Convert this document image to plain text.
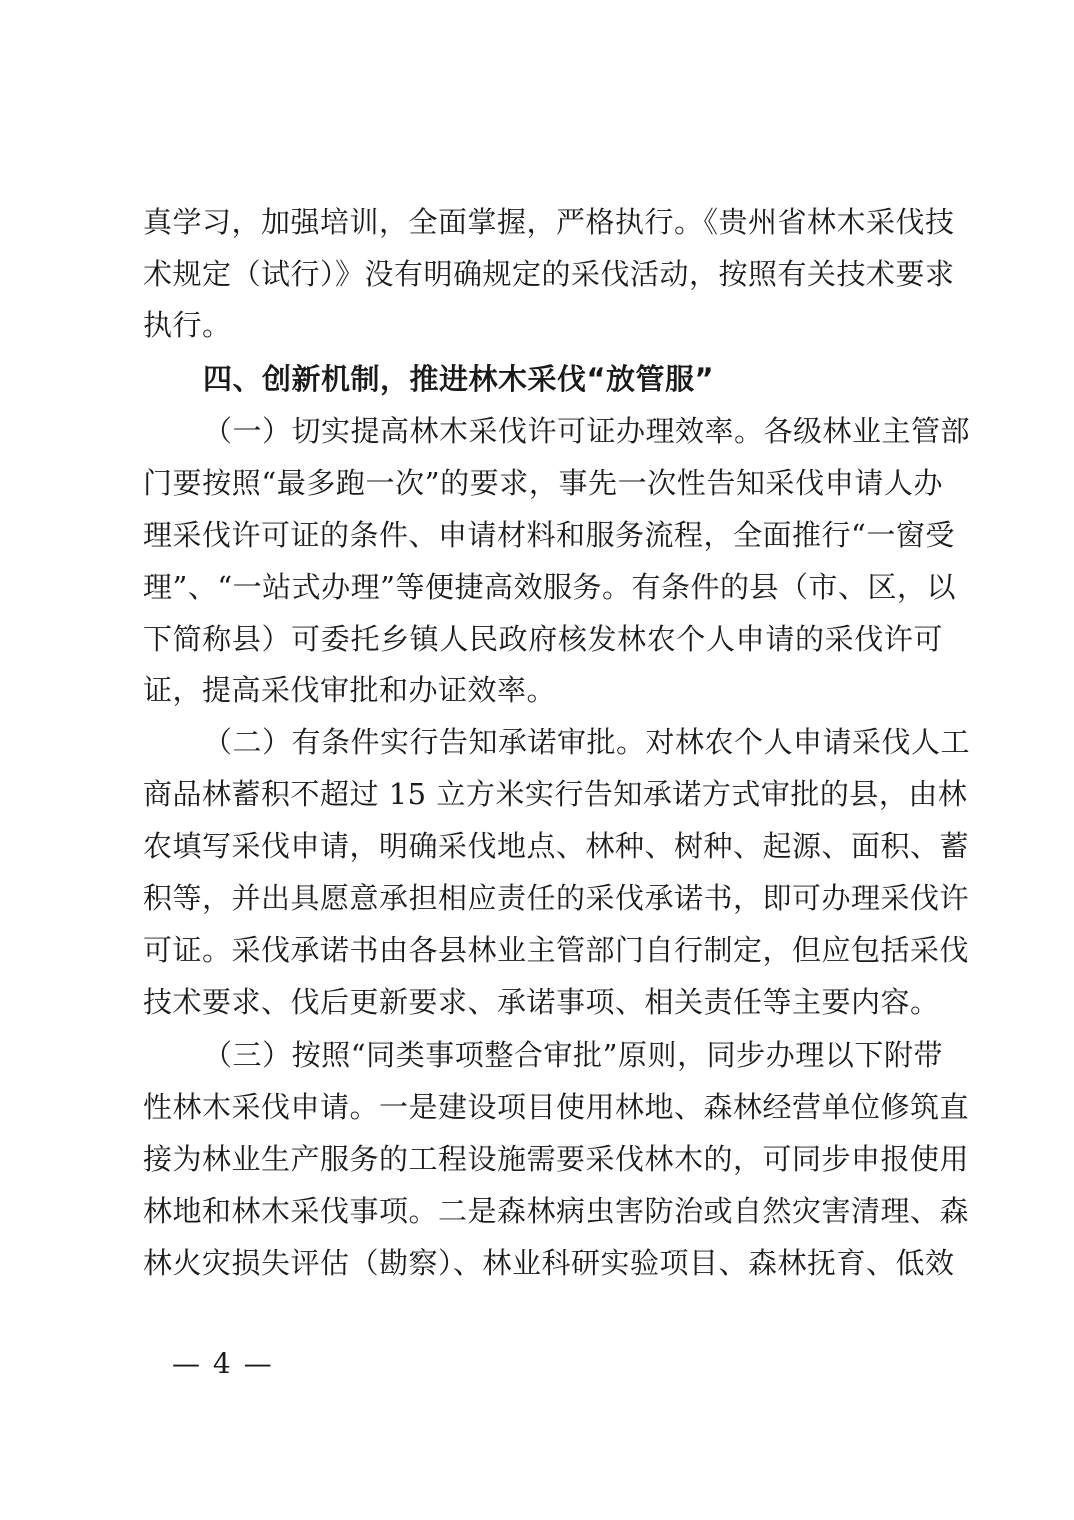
真学习，加强培训，全面掌握，严格执行。《贵州省林木采伐技
术规定（试行）》没有明确规定的采伐活动，按照有关技术要求
执行。
四、创新机制，推进林木采伐“放管服”
（一）切实提高林木采伐许可证办理效率。各级林业主管部
门要按照“最多跑一次”的要求，事先一次性告知采伐申请人办
理采伐许可证的条件、申请材料和服务流程，全面推行“一窗受
理”、“一站式办理”等便捷高效服务。有条件的县（市、区，以
下简称县）可委托乡镇人民政府核发林农个人申请的采伐许可
证，提高采伐审批和办证效率。
（二）有条件实行告知承诺审批。对林农个人申请采伐人工
商品林蓄积不超过 15 立方米实行告知承诺方式审批的县，由林
农填写采伐申请，明确采伐地点、林种、树种、起源、面积、蓄
积等，并出具愿意承担相应责任的采伐承诺书，即可办理采伐许
可证。采伐承诺书由各县林业主管部门自行制定，但应包括采伐
技术要求、伐后更新要求、承诺事项、相关责任等主要内容。
（三）按照“同类事项整合审批”原则，同步办理以下附带
性林木采伐申请。一是建设项目使用林地、森林经营单位修筑直
接为林业生产服务的工程设施需要采伐林木的，可同步申报使用
林地和林木采伐事项。二是森林病虫害防治或自然灾害清理、森
林火灾损失评估（勘察）、林业科研实验项目、森林抚育、低效
— 4 —
